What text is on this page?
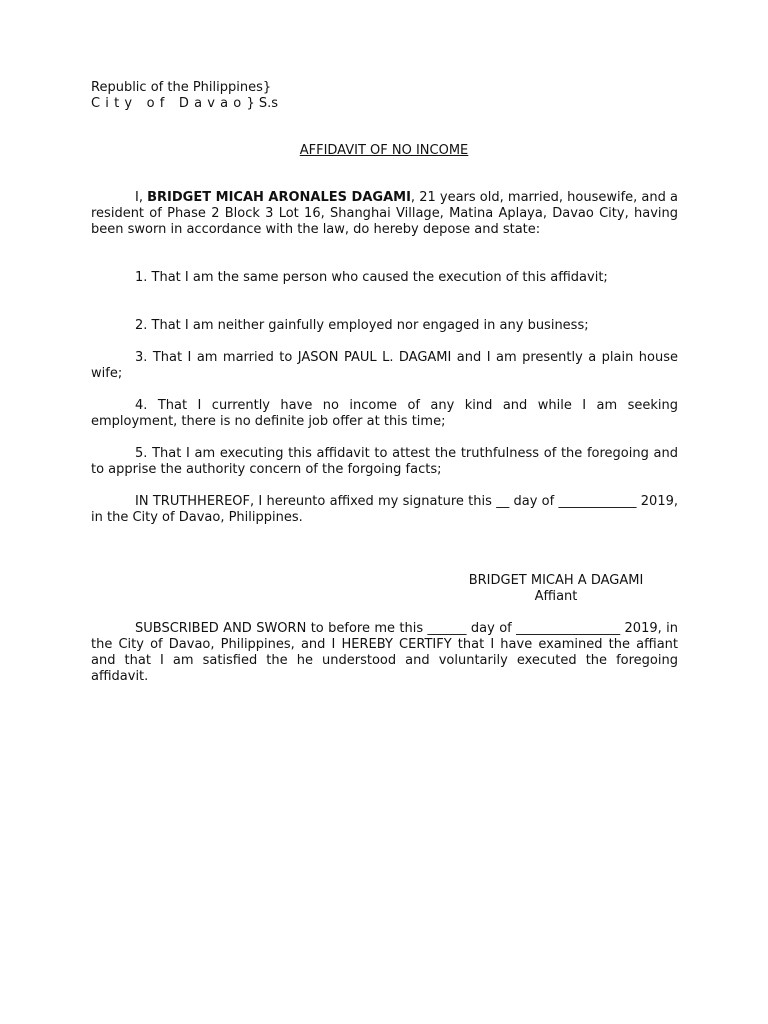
Republic of the Philippines}
City of Davao} S.s
AFFIDAVIT OF NO INCOME

I, BRIDGET MICAH ARONALES DAGAMI, 21 years old, married, housewife, and a resident of Phase 2 Block 3 Lot 16, Shanghai Village, Matina Aplaya, Davao City, having been sworn in accordance with the law, do hereby depose and state:

1. That I am the same person who caused the execution of this affidavit;

2. That I am neither gainfully employed nor engaged in any business;

3. That I am married to JASON PAUL L. DAGAMI and I am presently a plain house wife;

4. That I currently have no income of any kind and while I am seeking employment, there is no definite job offer at this time;

5. That I am executing this affidavit to attest the truthfulness of the foregoing and to apprise the authority concern of the forgoing facts;

IN TRUTHHEREOF, I hereunto affixed my signature this __ day of ____________ 2019, in the City of Davao, Philippines.

BRIDGET MICAH A DAGAMI
Affiant

SUBSCRIBED AND SWORN to before me this ______ day of ________________ 2019, in the City of Davao, Philippines, and I HEREBY CERTIFY that I have examined the affiant and that I am satisfied the he understood and voluntarily executed the foregoing affidavit.
